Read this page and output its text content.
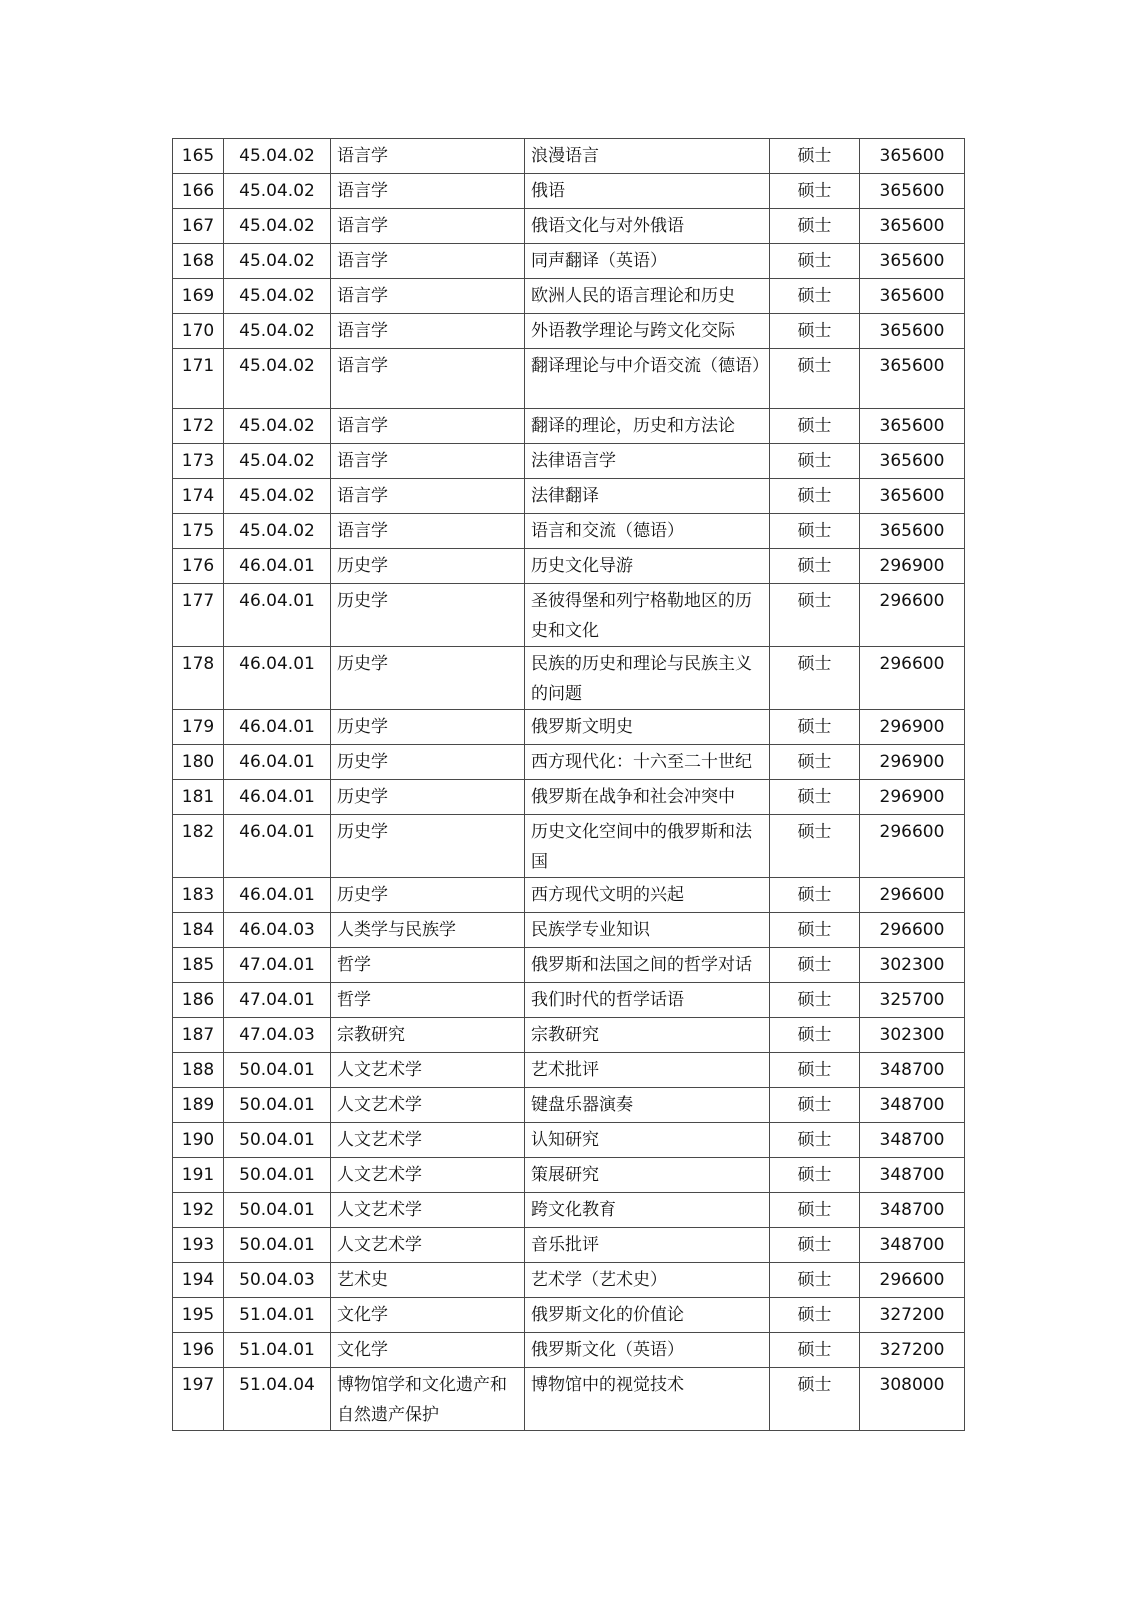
165	45.04.02	语言学	浪漫语言	硕士	365600

166	45.04.02	语言学	俄语	硕士	365600

167	45.04.02	语言学	俄语文化与对外俄语	硕士	365600

168	45.04.02	语言学	同声翻译（英语）	硕士	365600

169	45.04.02	语言学	欧洲人民的语言理论和历史	硕士	365600

170	45.04.02	语言学	外语教学理论与跨文化交际	硕士	365600

171	45.04.02	语言学	翻译理论与中介语交流（德语）	硕士	365600

172	45.04.02	语言学	翻译的理论，历史和方法论	硕士	365600

173	45.04.02	语言学	法律语言学	硕士	365600

174	45.04.02	语言学	法律翻译	硕士	365600

175	45.04.02	语言学	语言和交流（德语）	硕士	365600

176	46.04.01	历史学	历史文化导游	硕士	296900

177	46.04.01	历史学	圣彼得堡和列宁格勒地区的历史和文化	硕士	296600

178	46.04.01	历史学	民族的历史和理论与民族主义的问题	硕士	296600

179	46.04.01	历史学	俄罗斯文明史	硕士	296900

180	46.04.01	历史学	西方现代化：十六至二十世纪	硕士	296900

181	46.04.01	历史学	俄罗斯在战争和社会冲突中	硕士	296900

182	46.04.01	历史学	历史文化空间中的俄罗斯和法国	硕士	296600

183	46.04.01	历史学	西方现代文明的兴起	硕士	296600

184	46.04.03	人类学与民族学	民族学专业知识	硕士	296600

185	47.04.01	哲学	俄罗斯和法国之间的哲学对话	硕士	302300

186	47.04.01	哲学	我们时代的哲学话语	硕士	325700

187	47.04.03	宗教研究	宗教研究	硕士	302300

188	50.04.01	人文艺术学	艺术批评	硕士	348700

189	50.04.01	人文艺术学	键盘乐器演奏	硕士	348700

190	50.04.01	人文艺术学	认知研究	硕士	348700

191	50.04.01	人文艺术学	策展研究	硕士	348700

192	50.04.01	人文艺术学	跨文化教育	硕士	348700

193	50.04.01	人文艺术学	音乐批评	硕士	348700

194	50.04.03	艺术史	艺术学（艺术史）	硕士	296600

195	51.04.01	文化学	俄罗斯文化的价值论	硕士	327200

196	51.04.01	文化学	俄罗斯文化（英语）	硕士	327200

197	51.04.04	博物馆学和文化遗产和自然遗产保护	博物馆中的视觉技术	硕士	308000
